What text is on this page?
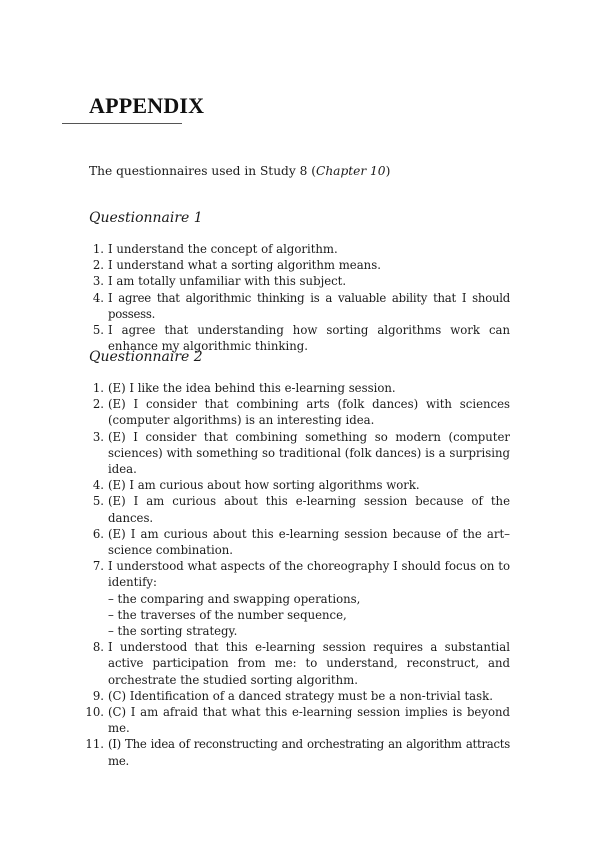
APPENDIX
The questionnaires used in Study 8 (Chapter 10)
Questionnaire 1
1. I understand the concept of algorithm.
2. I understand what a sorting algorithm means.
3. I am totally unfamiliar with this subject.
4. I agree that algorithmic thinking is a valuable ability that I should possess.
5. I agree that understanding how sorting algorithms work can enhance my algorithmic thinking.
Questionnaire 2
1. (E) I like the idea behind this e-learning session.
2. (E) I consider that combining arts (folk dances) with sciences (computer algorithms) is an interesting idea.
3. (E) I consider that combining something so modern (computer sciences) with something so traditional (folk dances) is a surprising idea.
4. (E) I am curious about how sorting algorithms work.
5. (E) I am curious about this e-learning session because of the dances.
6. (E) I am curious about this e-learning session because of the art–science combination.
7. I understood what aspects of the choreography I should focus on to identify:
– the comparing and swapping operations,
– the traverses of the number sequence,
– the sorting strategy.
8. I understood that this e-learning session requires a substantial active participation from me: to understand, reconstruct, and orchestrate the studied sorting algorithm.
9. (C) Identification of a danced strategy must be a non-trivial task.
10. (C) I am afraid that what this e-learning session implies is beyond me.
11. (I) The idea of reconstructing and orchestrating an algorithm attracts me.
